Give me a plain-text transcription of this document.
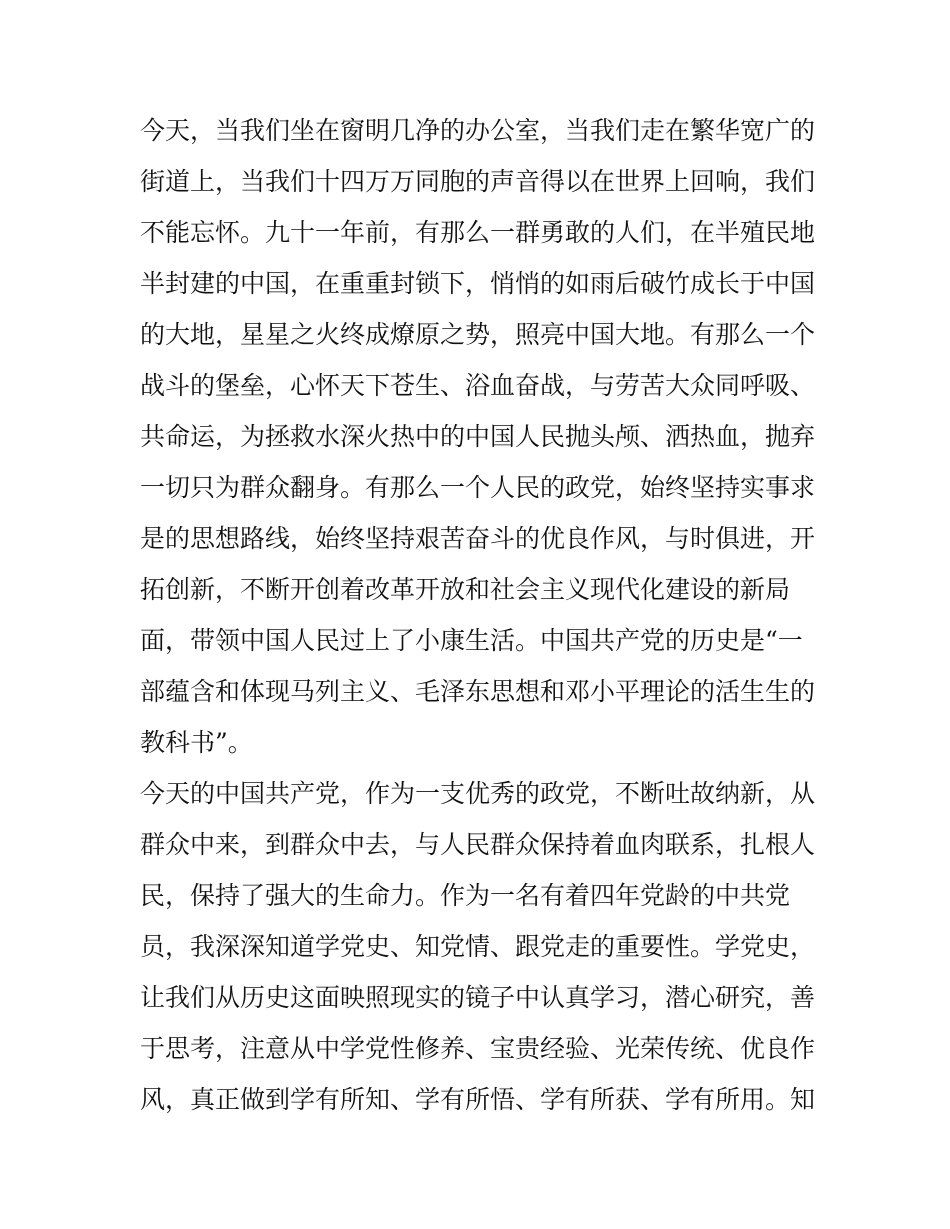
今天，当我们坐在窗明几净的办公室，当我们走在繁华宽广的
街道上，当我们十四万万同胞的声音得以在世界上回响，我们
不能忘怀。九十一年前，有那么一群勇敢的人们，在半殖民地
半封建的中国，在重重封锁下，悄悄的如雨后破竹成长于中国
的大地，星星之火终成燎原之势，照亮中国大地。有那么一个
战斗的堡垒，心怀天下苍生、浴血奋战，与劳苦大众同呼吸、
共命运，为拯救水深火热中的中国人民抛头颅、洒热血，抛弃
一切只为群众翻身。有那么一个人民的政党，始终坚持实事求
是的思想路线，始终坚持艰苦奋斗的优良作风，与时俱进，开
拓创新，不断开创着改革开放和社会主义现代化建设的新局
面，带领中国人民过上了小康生活。中国共产党的历史是“一
部蕴含和体现马列主义、毛泽东思想和邓小平理论的活生生的
教科书”。
今天的中国共产党，作为一支优秀的政党，不断吐故纳新，从
群众中来，到群众中去，与人民群众保持着血肉联系，扎根人
民，保持了强大的生命力。作为一名有着四年党龄的中共党
员，我深深知道学党史、知党情、跟党走的重要性。学党史，
让我们从历史这面映照现实的镜子中认真学习，潜心研究，善
于思考，注意从中学党性修养、宝贵经验、光荣传统、优良作
风，真正做到学有所知、学有所悟、学有所获、学有所用。知
